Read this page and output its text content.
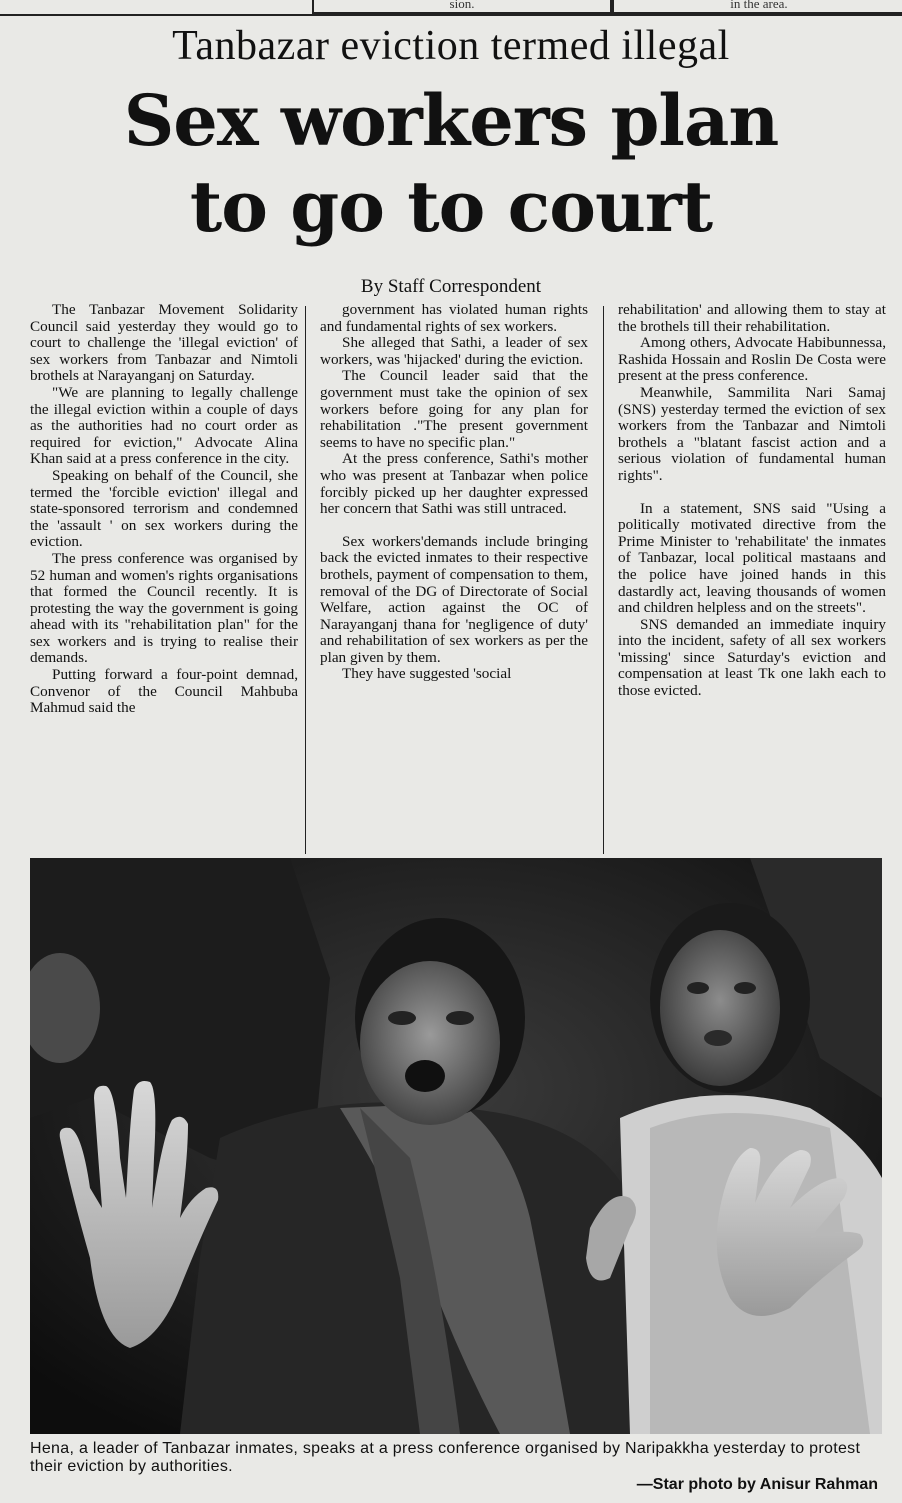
sion.	in the area.
Tanbazar eviction termed illegal
Sex workers plan
to go to court
By Staff Correspondent

The Tanbazar Movement Solidarity Council said yesterday they would go to court to challenge the 'illegal eviction' of sex workers from Tanbazar and Nimtoli brothels at Narayanganj on Saturday.

"We are planning to legally challenge the illegal eviction within a couple of days as the authorities had no court order as required for eviction," Advocate Alina Khan said at a press conference in the city.

Speaking on behalf of the Council, she termed the 'forcible eviction' illegal and state-sponsored terrorism and condemned the 'assault ' on sex workers during the eviction.

The press conference was organised by 52 human and women's rights organisations that formed the Council recently. It is protesting the way the government is going ahead with its "rehabilitation plan" for the sex workers and is trying to realise their demands.

Putting forward a four-point demnad, Convenor of the Council Mahbuba Mahmud said the

government has violated human rights and fundamental rights of sex workers.

She alleged that Sathi, a leader of sex workers, was 'hijacked' during the eviction.

The Council leader said that the government must take the opinion of sex workers before going for any plan for rehabilitation ."The present government seems to have no specific plan."

At the press conference, Sathi's mother who was present at Tanbazar when police forcibly picked up her daughter expressed her concern that Sathi was still untraced.

Sex workers'demands include bringing back the evicted inmates to their respective brothels, payment of compensation to them, removal of the DG of Directorate of Social Welfare, action against the OC of Narayanganj thana for 'negligence of duty' and rehabilitation of sex workers as per the plan given by them.

They have suggested 'social

rehabilitation' and allowing them to stay at the brothels till their rehabilitation.

Among others, Advocate Habibunnessa, Rashida Hossain and Roslin De Costa were present at the press conference.

Meanwhile, Sammilita Nari Samaj (SNS) yesterday termed the eviction of sex workers from the Tanbazar and Nimtoli brothels a "blatant fascist action and a serious violation of fundamental human rights".

In a statement, SNS said "Using a politically motivated directive from the Prime Minister to 'rehabilitate' the inmates of Tanbazar, local political mastaans and the police have joined hands in this dastardly act, leaving thousands of women and children helpless and on the streets".

SNS demanded an immediate inquiry into the incident, safety of all sex workers 'missing' since Saturday's eviction and compensation at least Tk one lakh each to those evicted.

Hena, a leader of Tanbazar inmates, speaks at a press conference organised by Naripakkha yesterday to protest their eviction by authorities.
—Star photo by Anisur Rahman
